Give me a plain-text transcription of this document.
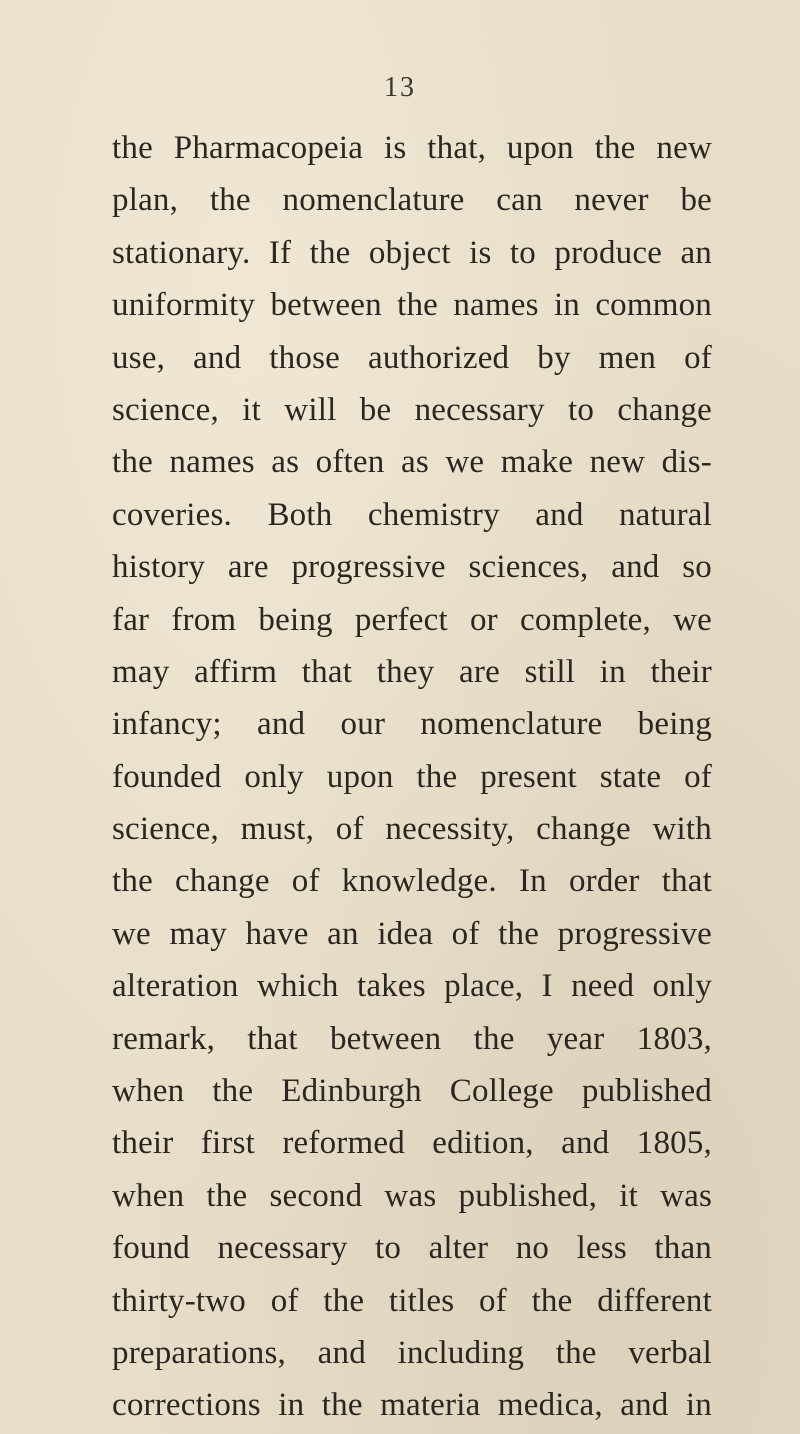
13
the Pharmacopeia is that, upon the new
plan, the nomenclature can never be
stationary. If the object is to produce an
uniformity between the names in common
use, and those authorized by men of
science, it will be necessary to change
the names as often as we make new dis-
coveries. Both chemistry and natural
history are progressive sciences, and so
far from being perfect or complete, we
may affirm that they are still in their
infancy; and our nomenclature being
founded only upon the present state of
science, must, of necessity, change with
the change of knowledge. In order that
we may have an idea of the progressive
alteration which takes place, I need only
remark, that between the year 1803,
when the Edinburgh College published
their first reformed edition, and 1805,
when the second was published, it was
found necessary to alter no less than
thirty-two of the titles of the different
preparations, and including the verbal
corrections in the materia medica, and in
